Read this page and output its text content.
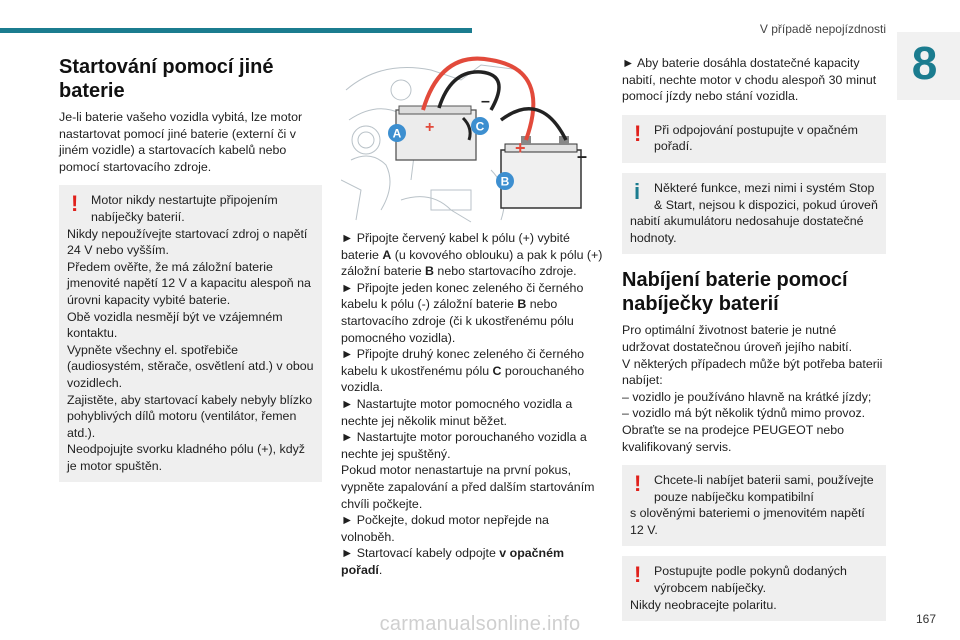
V případě nepojízdnosti
8
Startování pomocí jiné baterie

Je-li baterie vašeho vozidla vybitá, lze motor nastartovat pomocí jiné baterie (externí či v jiném vozidle) a startovacích kabelů nebo pomocí startovacího zdroje.

!	Motor nikdy nestartujte připojením nabíječky baterií.

Nikdy nepoužívejte startovací zdroj o napětí 24 V nebo vyšším.

Předem ověřte, že má záložní baterie jmenovité napětí 12 V a kapacitu alespoň na úrovni kapacity vybité baterie.

Obě vozidla nesmějí být ve vzájemném kontaktu.

Vypněte všechny el. spotřebiče (audiosystém, stěrače, osvětlení atd.) v obou vozidlech.

Zajistěte, aby startovací kabely nebyly blízko pohyblivých dílů motoru (ventilátor, řemen atd.).

Neodpojujte svorku kladného pólu (+), když je motor spuštěn.

+
–
+	–
A	C
B

► Připojte červený kabel k pólu (+) vybité baterie A (u kovového oblouku) a pak k pólu (+) záložní baterie B nebo startovacího zdroje.

► Připojte jeden konec zeleného či černého kabelu k pólu (-) záložní baterie B nebo startovacího zdroje (či k ukostřenému pólu pomocného vozidla).

► Připojte druhý konec zeleného či černého kabelu k ukostřenému pólu C porouchaného vozidla.

► Nastartujte motor pomocného vozidla a nechte jej několik minut běžet.

► Nastartujte motor porouchaného vozidla a nechte jej spuštěný.

Pokud motor nenastartuje na první pokus, vypněte zapalování a před dalším startováním chvíli počkejte.

► Počkejte, dokud motor nepřejde na volnoběh.

► Startovací kabely odpojte v opačném pořadí.

► Aby baterie dosáhla dostatečné kapacity nabití, nechte motor v chodu alespoň 30 minut pomocí jízdy nebo stání vozidla.

!	Při odpojování postupujte v opačném pořadí.

i	Některé funkce, mezi nimi i systém Stop & Start, nejsou k dispozici, pokud úroveň

nabití akumulátoru nedosahuje dostatečné hodnoty.

Nabíjení baterie pomocí nabíječky baterií

Pro optimální životnost baterie je nutné udržovat dostatečnou úroveň jejího nabití.

V některých případech může být potřeba baterii nabíjet:

– vozidlo je používáno hlavně na krátké jízdy;

– vozidlo má být několik týdnů mimo provoz.

Obraťte se na prodejce PEUGEOT nebo kvalifikovaný servis.

!	Chcete-li nabíjet baterii sami, používejte pouze nabíječku kompatibilní

s olověnými bateriemi o jmenovitém napětí 12 V.

!	Postupujte podle pokynů dodaných výrobcem nabíječky.

Nikdy neobracejte polaritu.

167
carmanualsonline.info
